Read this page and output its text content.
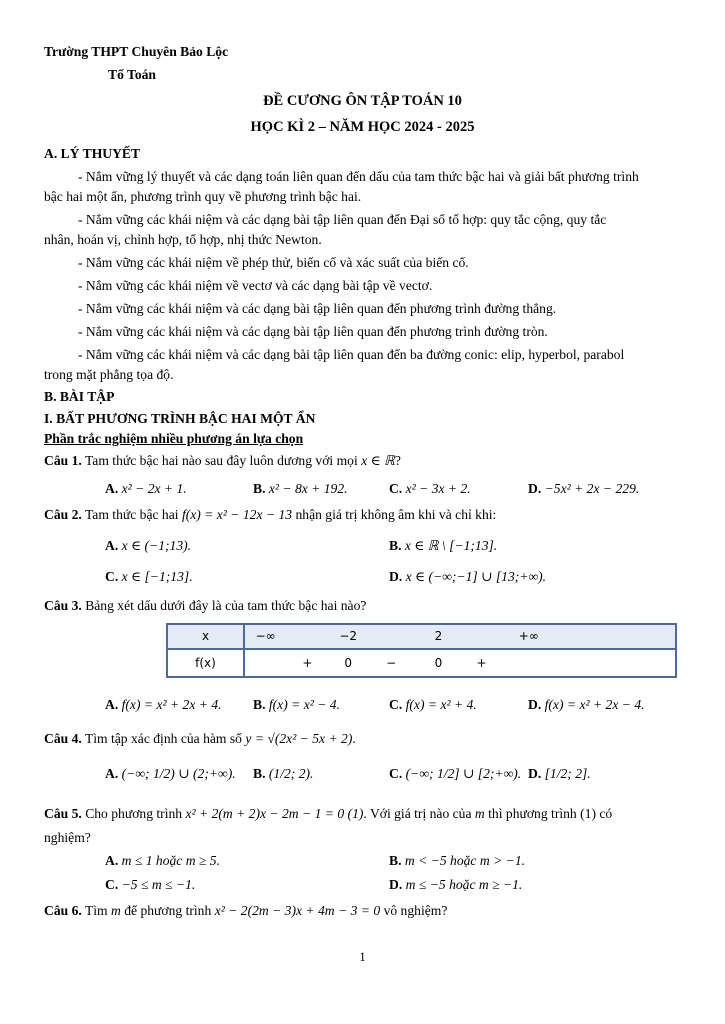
Trường THPT Chuyên Bảo Lộc
Tổ Toán
ĐỀ CƯƠNG ÔN TẬP TOÁN 10
HỌC KÌ 2 – NĂM HỌC 2024 - 2025
A. LÝ THUYẾT
- Nắm vững lý thuyết và các dạng toán liên quan đến dấu của tam thức bậc hai và giải bất phương trình
bậc hai một ẩn, phương trình quy về phương trình bậc hai.
- Nắm vững các khái niệm và các dạng bài tập liên quan đến Đại số tổ hợp: quy tắc cộng, quy tắc
nhân, hoán vị, chỉnh hợp, tổ hợp, nhị thức Newton.
- Nắm vững các khái niệm về phép thử, biến cố và xác suất của biến cố.
- Nắm vững các khái niệm về vectơ và các dạng bài tập về vectơ.
- Nắm vững các khái niệm và các dạng bài tập liên quan đến phương trình đường thẳng.
- Nắm vững các khái niệm và các dạng bài tập liên quan đến phương trình đường tròn.
- Nắm vững các khái niệm và các dạng bài tập liên quan đến ba đường conic: elip, hyperbol, parabol
trong mặt phẳng tọa độ.
B. BÀI TẬP
I. BẤT PHƯƠNG TRÌNH BẬC HAI MỘT ẨN
Phần trắc nghiệm nhiều phương án lựa chọn
Câu 1. Tam thức bậc hai nào sau đây luôn dương với mọi x ∈ ℝ?
A. x² − 2x + 1.	B. x² − 8x + 192.	C. x² − 3x + 2.	D. −5x² + 2x − 229.
Câu 2. Tam thức bậc hai f(x) = x² − 12x − 13 nhận giá trị không âm khi và chỉ khi:
A. x ∈ (−1;13).	B. x ∈ ℝ \ [−1;13].
C. x ∈ [−1;13].	D. x ∈ (−∞;−1] ∪ [13;+∞).
Câu 3. Bảng xét dấu dưới đây là của tam thức bậc hai nào?
x	−∞ −2 2 +∞

f(x)	+ 0 − 0 +
A. f(x) = x² + 2x + 4. B. f(x) = x² − 4.	C. f(x) = x² + 4.	D. f(x) = x² + 2x − 4.
Câu 4. Tìm tập xác định của hàm số y = √(2x² − 5x + 2).
A. (−∞; 1/2) ∪ (2;+∞). B. (1/2; 2).	C. (−∞; 1/2] ∪ [2;+∞). D. [1/2; 2].
Câu 5. Cho phương trình x² + 2(m + 2)x − 2m − 1 = 0 (1). Với giá trị nào của m thì phương trình (1) có
nghiệm?
A. m ≤ 1 hoặc m ≥ 5.	B. m < −5 hoặc m > −1.
C. −5 ≤ m ≤ −1.	D. m ≤ −5 hoặc m ≥ −1.
Câu 6. Tìm m để phương trình x² − 2(2m − 3)x + 4m − 3 = 0 vô nghiệm?
1
